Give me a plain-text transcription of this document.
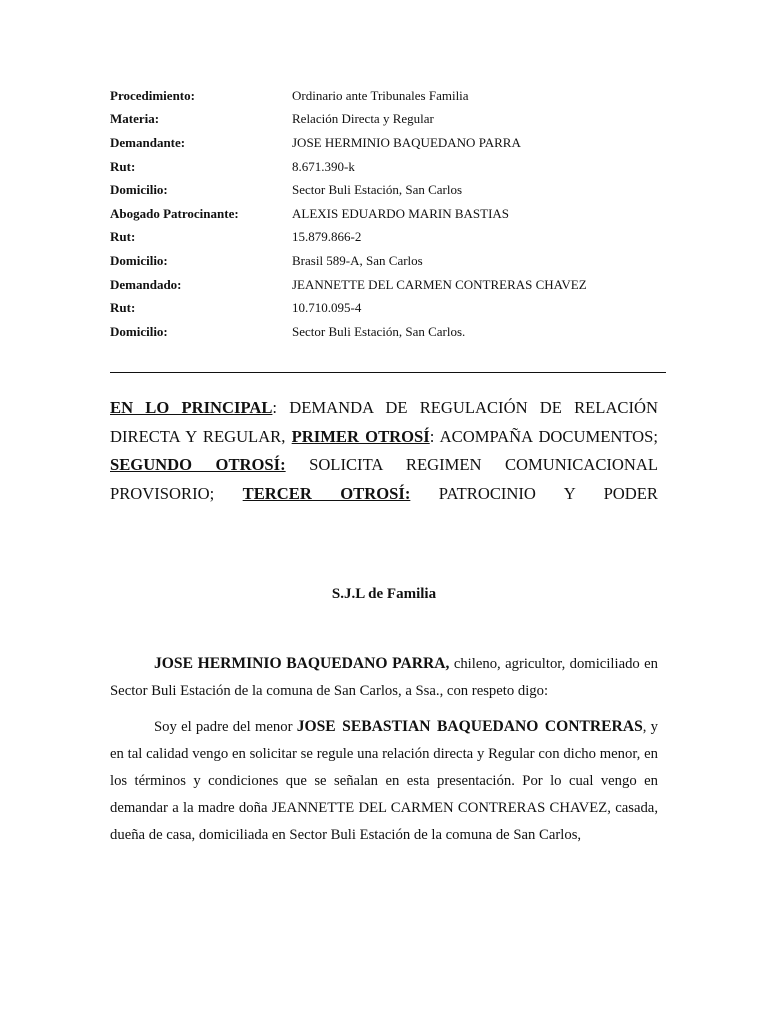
Procedimiento:	Ordinario ante Tribunales Familia
Materia:	Relación Directa y Regular
Demandante:	JOSE HERMINIO BAQUEDANO PARRA
Rut:	8.671.390-k
Domicilio:	Sector Buli Estación, San Carlos
Abogado Patrocinante:	ALEXIS EDUARDO MARIN BASTIAS
Rut:	15.879.866-2
Domicilio:	Brasil 589-A, San Carlos
Demandado:	JEANNETTE DEL CARMEN CONTRERAS CHAVEZ
Rut:	10.710.095-4
Domicilio:	Sector Buli Estación, San Carlos.
EN LO PRINCIPAL: DEMANDA DE REGULACIÓN DE RELACIÓN DIRECTA Y REGULAR, PRIMER OTROSÍ: ACOMPAÑA DOCUMENTOS; SEGUNDO OTROSÍ: SOLICITA REGIMEN COMUNICACIONAL PROVISORIO; TERCER OTROSÍ: PATROCINIO Y PODER
S.J.L de Familia

JOSE HERMINIO BAQUEDANO PARRA, chileno, agricultor, domiciliado en Sector Buli Estación de la comuna de San Carlos, a Ssa., con respeto digo:

Soy el padre del menor JOSE SEBASTIAN BAQUEDANO CONTRERAS, y en tal calidad vengo en solicitar se regule una relación directa y Regular con dicho menor, en los términos y condiciones que se señalan en esta presentación. Por lo cual vengo en demandar a la madre doña JEANNETTE DEL CARMEN CONTRERAS CHAVEZ, casada, dueña de casa, domiciliada en Sector Buli Estación de la comuna de San Carlos,
